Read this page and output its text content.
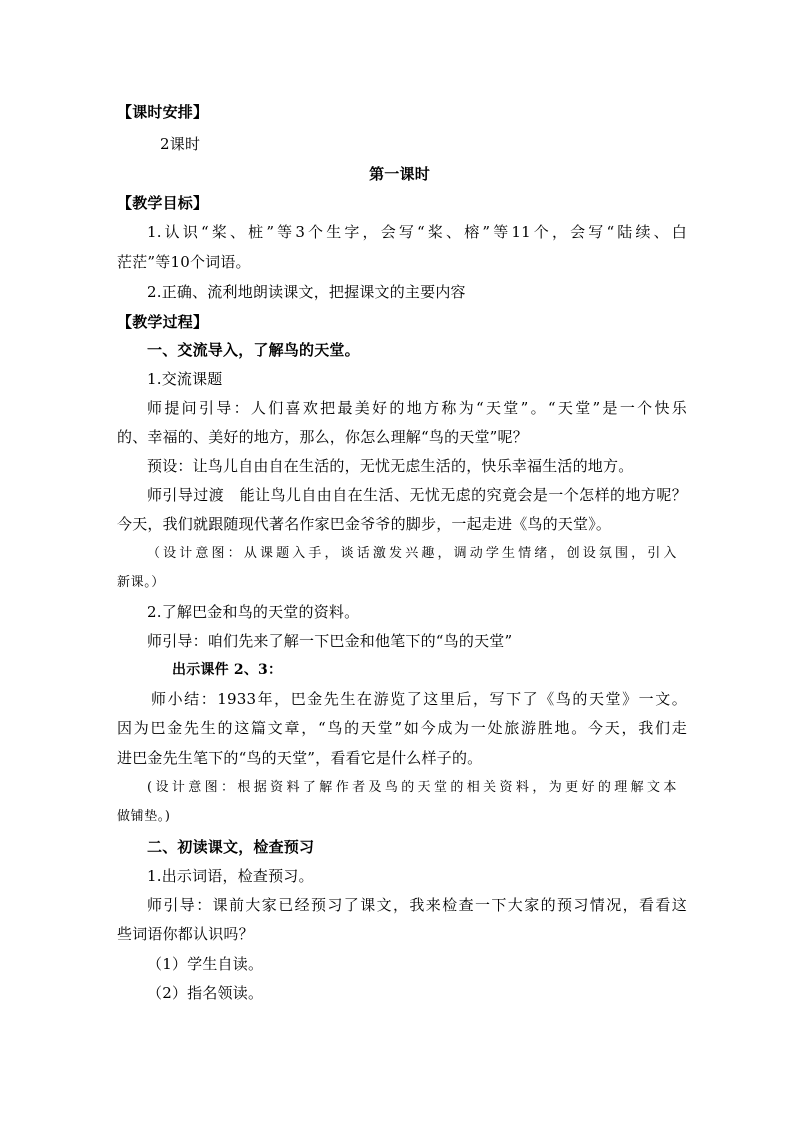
【课时安排】
2课时
第一课时
【教学目标】
1.认识“桨、桩”等3个生字，会写“桨、榕”等11个，会写“陆续、白
茫茫”等10个词语。
2.正确、流利地朗读课文，把握课文的主要内容
【教学过程】
一、交流导入，了解鸟的天堂。
1.交流课题
师提问引导：人们喜欢把最美好的地方称为“天堂”。“天堂”是一个快乐
的、幸福的、美好的地方，那么，你怎么理解“鸟的天堂”呢？
预设：让鸟儿自由自在生活的，无忧无虑生活的，快乐幸福生活的地方。
师引导过渡　能让鸟儿自由自在生活、无忧无虑的究竟会是一个怎样的地方呢？
今天，我们就跟随现代著名作家巴金爷爷的脚步，一起走进《鸟的天堂》。
（设计意图：从课题入手，谈话激发兴趣，调动学生情绪，创设氛围，引入
新课。）
2.了解巴金和鸟的天堂的资料。
师引导：咱们先来了解一下巴金和他笔下的“鸟的天堂”
出示课件 2、3：
师小结：1933年，巴金先生在游览了这里后，写下了《鸟的天堂》一文。
因为巴金先生的这篇文章，“鸟的天堂”如今成为一处旅游胜地。今天，我们走
进巴金先生笔下的“鸟的天堂”，看看它是什么样子的。
(设计意图：根据资料了解作者及鸟的天堂的相关资料，为更好的理解文本
做铺垫。)
二、初读课文，检查预习
1.出示词语，检查预习。
师引导：课前大家已经预习了课文，我来检查一下大家的预习情况，看看这
些词语你都认识吗？
（1）学生自读。
（2）指名领读。
